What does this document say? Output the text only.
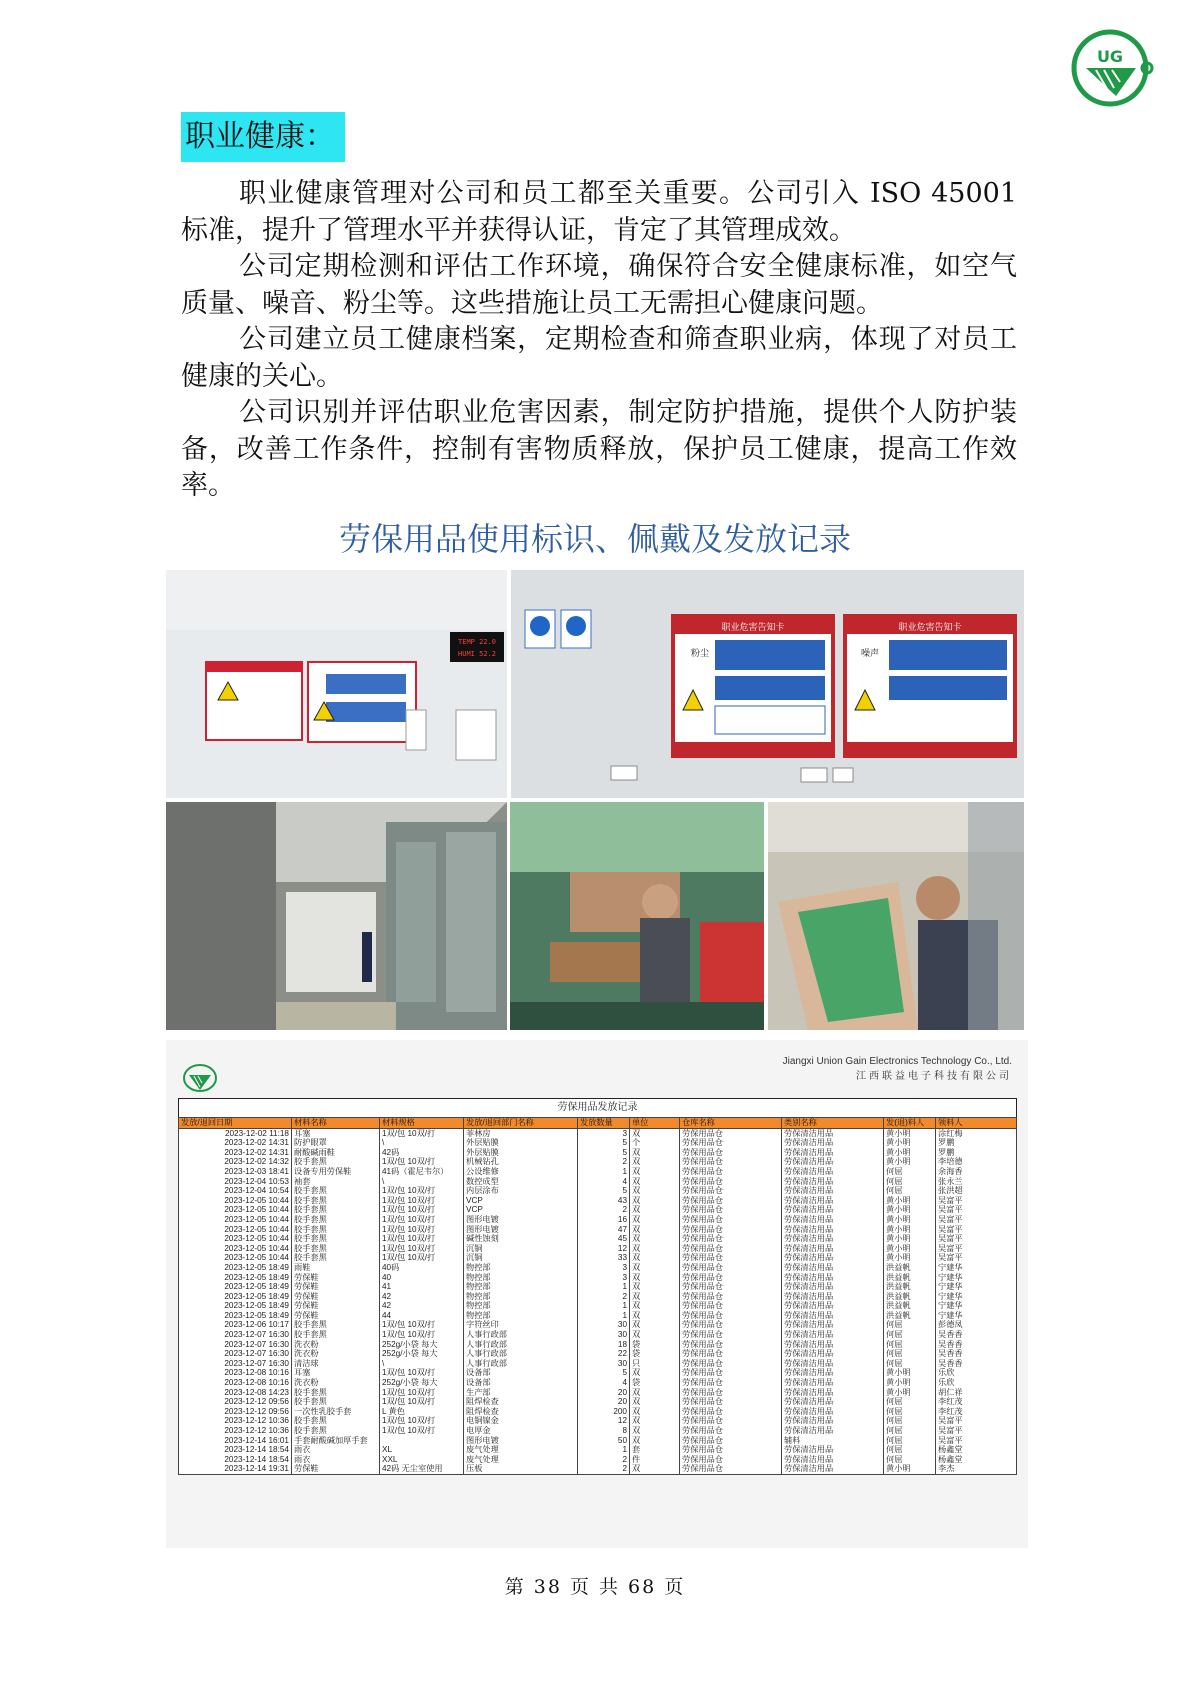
UG
职业健康：

职业健康管理对公司和员工都至关重要。公司引入 ISO 45001 标准，提升了管理水平并获得认证，肯定了其管理成效。

公司定期检测和评估工作环境，确保符合安全健康标准，如空气质量、噪音、粉尘等。这些措施让员工无需担心健康问题。

公司建立员工健康档案，定期检查和筛查职业病，体现了对员工健康的关心。

公司识别并评估职业危害因素，制定防护措施，提供个人防护装备，改善工作条件，控制有害物质释放，保护员工健康，提高工作效率。

劳保用品使用标识、佩戴及发放记录
TEMP 22.0
HUMI 52.2
职业危害告知卡
粉尘
职业危害告知卡
噪声
Jiangxi Union Gain Electronics Technology Co., Ltd.
江西联益电子科技有限公司
劳保用品发放记录
发放/退回日期	材料名称	材料规格	发放/退回部门名称	发放数量	单位	仓库名称	类别名称	发(退)料人	领料人
2023-12-02 11:18	耳塞	1双/包 10双/打	菲林房	3	双	劳保用品仓	劳保清洁用品	黄小明	涂红梅
2023-12-02 14:31	防护眼罩	\	外层贴膜	5	个	劳保用品仓	劳保清洁用品	黄小明	罗鹏
2023-12-02 14:31	耐酸碱雨鞋	42码	外层贴膜	5	双	劳保用品仓	劳保清洁用品	黄小明	罗鹏
2023-12-02 14:32	胶手套黑	1双/包 10双/打	机械钻孔	2	双	劳保用品仓	劳保清洁用品	黄小明	李培德
2023-12-03 18:41	设备专用劳保鞋	41码（霍尼韦尔）	公设维修	1	双	劳保用品仓	劳保清洁用品	何屈	余海香
2023-12-04 10:53	袖套	\	数控成型	4	双	劳保用品仓	劳保清洁用品	何屈	张永兰
2023-12-04 10:54	胶手套黑	1双/包 10双/打	内层涂布	5	双	劳保用品仓	劳保清洁用品	何屈	张洪超
2023-12-05 10:44	胶手套黑	1双/包 10双/打	VCP	43	双	劳保用品仓	劳保清洁用品	黄小明	吴富平
2023-12-05 10:44	胶手套黑	1双/包 10双/打	VCP	2	双	劳保用品仓	劳保清洁用品	黄小明	吴富平
2023-12-05 10:44	胶手套黑	1双/包 10双/打	图形电镀	16	双	劳保用品仓	劳保清洁用品	黄小明	吴富平
2023-12-05 10:44	胶手套黑	1双/包 10双/打	图形电镀	47	双	劳保用品仓	劳保清洁用品	黄小明	吴富平
2023-12-05 10:44	胶手套黑	1双/包 10双/打	碱性蚀刻	45	双	劳保用品仓	劳保清洁用品	黄小明	吴富平
2023-12-05 10:44	胶手套黑	1双/包 10双/打	沉铜	12	双	劳保用品仓	劳保清洁用品	黄小明	吴富平
2023-12-05 10:44	胶手套黑	1双/包 10双/打	沉铜	33	双	劳保用品仓	劳保清洁用品	黄小明	吴富平
2023-12-05 18:49	雨鞋	40码	物控部	3	双	劳保用品仓	劳保清洁用品	洪益帆	宁建华
2023-12-05 18:49	劳保鞋	40	物控部	3	双	劳保用品仓	劳保清洁用品	洪益帆	宁建华
2023-12-05 18:49	劳保鞋	41	物控部	1	双	劳保用品仓	劳保清洁用品	洪益帆	宁建华
2023-12-05 18:49	劳保鞋	42	物控部	2	双	劳保用品仓	劳保清洁用品	洪益帆	宁建华
2023-12-05 18:49	劳保鞋	42	物控部	1	双	劳保用品仓	劳保清洁用品	洪益帆	宁建华
2023-12-05 18:49	劳保鞋	44	物控部	1	双	劳保用品仓	劳保清洁用品	洪益帆	宁建华
2023-12-06 10:17	胶手套黑	1双/包 10双/打	字符丝印	30	双	劳保用品仓	劳保清洁用品	何屈	彭德凤
2023-12-07 16:30	胶手套黑	1双/包 10双/打	人事行政部	30	双	劳保用品仓	劳保清洁用品	何屈	吴香香
2023-12-07 16:30	洗衣粉	252g/小袋 每大	人事行政部	18	袋	劳保用品仓	劳保清洁用品	何屈	吴香香
2023-12-07 16:30	洗衣粉	252g/小袋 每大	人事行政部	22	袋	劳保用品仓	劳保清洁用品	何屈	吴香香
2023-12-07 16:30	清洁球	\	人事行政部	30	只	劳保用品仓	劳保清洁用品	何屈	吴香香
2023-12-08 10:16	耳塞	1双/包 10双/打	设备部	5	双	劳保用品仓	劳保清洁用品	黄小明	乐欣
2023-12-08 10:16	洗衣粉	252g/小袋 每大	设备部	4	袋	劳保用品仓	劳保清洁用品	黄小明	乐欣
2023-12-08 14:23	胶手套黑	1双/包 10双/打	生产部	20	双	劳保用品仓	劳保清洁用品	黄小明	胡仁祥
2023-12-12 09:56	胶手套黑	1双/包 10双/打	阻焊检查	20	双	劳保用品仓	劳保清洁用品	何屈	李红茂
2023-12-12 09:56	一次性乳胶手套	L 黄色	阻焊检查	200	双	劳保用品仓	劳保清洁用品	何屈	李红茂
2023-12-12 10:36	胶手套黑	1双/包 10双/打	电铜镍金	12	双	劳保用品仓	劳保清洁用品	何屈	吴富平
2023-12-12 10:36	胶手套黑	1双/包 10双/打	电厚金	8	双	劳保用品仓	劳保清洁用品	何屈	吴富平
2023-12-14 16:01	手套耐酸碱加厚手套		图形电镀	50	双	劳保用品仓	辅料	何屈	吴富平
2023-12-14 18:54	雨衣	XL	废气处理	1	套	劳保用品仓	劳保清洁用品	何屈	杨鑫堂
2023-12-14 18:54	雨衣	XXL	废气处理	2	件	劳保用品仓	劳保清洁用品	何屈	杨鑫堂
2023-12-14 19:31	劳保鞋	42码 无尘室使用	压板	2	双	劳保用品仓	劳保清洁用品	黄小明	李杰
第 38 页 共 68 页
